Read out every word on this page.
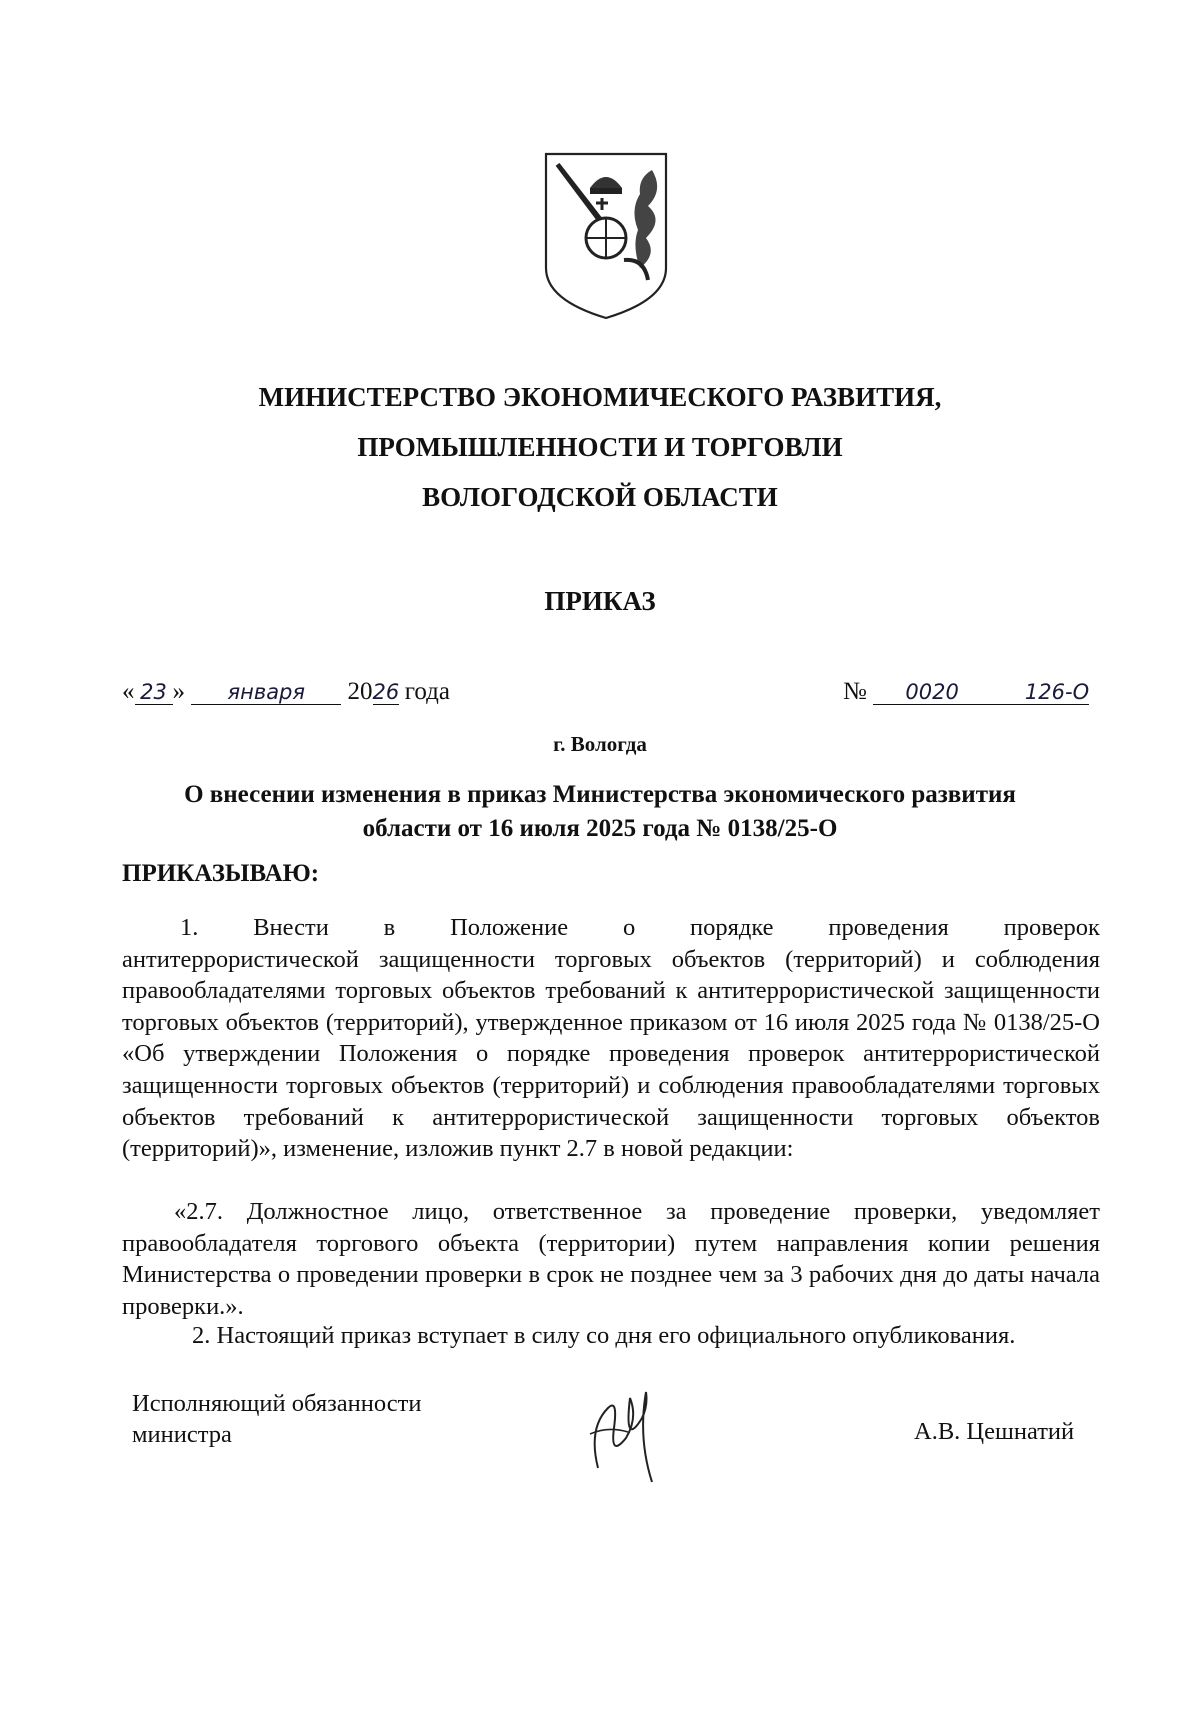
МИНИСТЕРСТВО ЭКОНОМИЧЕСКОГО РАЗВИТИЯ,
ПРОМЫШЛЕННОСТИ И ТОРГОВЛИ
ВОЛОГОДСКОЙ ОБЛАСТИ
ПРИКАЗ
« 23 » января 2026 года	№ 0020	126-О
г. Вологда
О внесении изменения в приказ Министерства экономического развития
области от 16 июля 2025 года № 0138/25-О
ПРИКАЗЫВАЮ:
1. Внести в Положение о порядке проведения проверок
антитеррористической защищенности торговых объектов (территорий) и соблюдения правообладателями торговых объектов требований к антитеррористической защищенности торговых объектов (территорий), утвержденное приказом от 16 июля 2025 года № 0138/25-О «Об утверждении Положения о порядке проведения проверок антитеррористической защищенности торговых объектов (территорий) и соблюдения правообладателями торговых объектов требований к антитеррористической защищенности торговых объектов (территорий)», изменение, изложив пункт 2.7 в новой редакции:
«2.7. Должностное лицо, ответственное за проведение проверки, уведомляет правообладателя торгового объекта (территории) путем направления копии решения Министерства о проведении проверки в срок не позднее чем за 3 рабочих дня до даты начала проверки.».
2. Настоящий приказ вступает в силу со дня его официального опубликования.
Исполняющий обязанности
министра	А.В. Цешнатий
